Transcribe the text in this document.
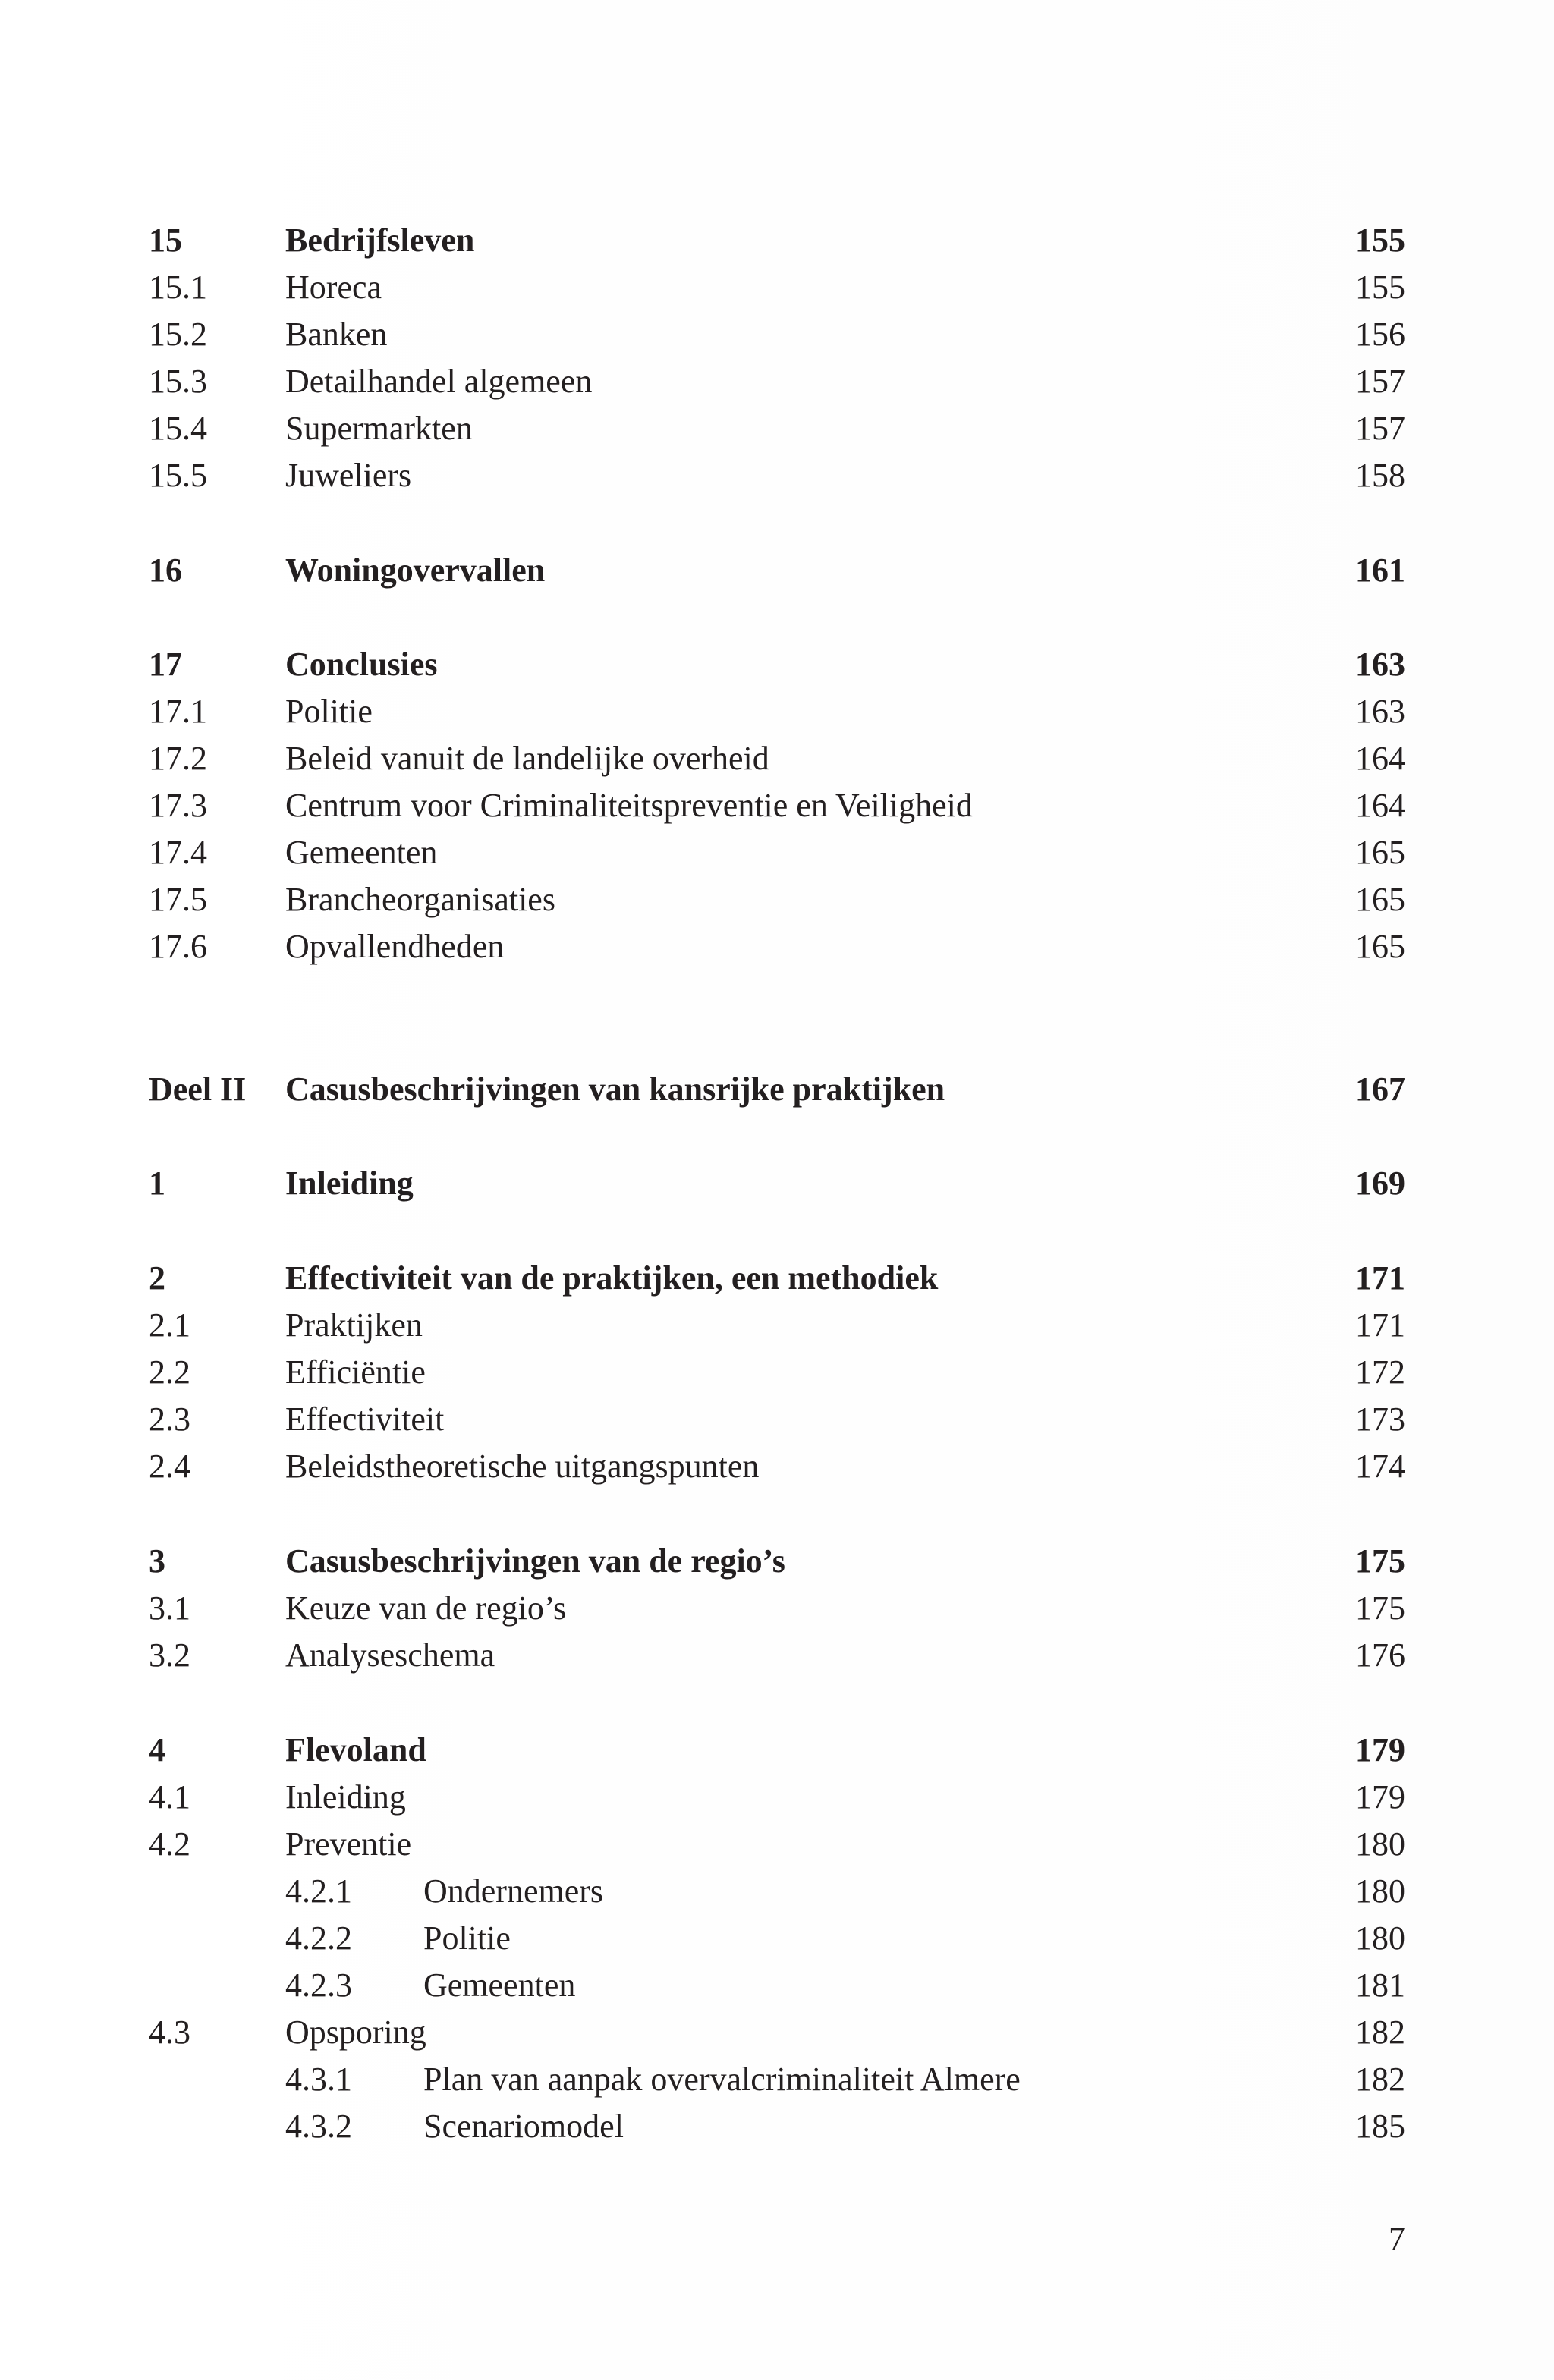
15	Bedrijfsleven	155
15.1 Horeca	155
15.2 Banken	156
15.3 Detailhandel algemeen	157
15.4 Supermarkten	157
15.5 Juweliers	158
16	Woningovervallen	161
17	Conclusies	163
17.1 Politie	163
17.2 Beleid vanuit de landelijke overheid	164
17.3 Centrum voor Criminaliteitspreventie en Veiligheid	164
17.4 Gemeenten	165
17.5 Brancheorganisaties	165
17.6 Opvallendheden	165
Deel II Casusbeschrijvingen van kansrijke praktijken	167
1	Inleiding	169
2	Effectiviteit van de praktijken, een methodiek	171
2.1	Praktijken	171
2.2	Efficiëntie	172
2.3	Effectiviteit	173
2.4	Beleidstheoretische uitgangspunten	174
3	Casusbeschrijvingen van de regio’s	175
3.1	Keuze van de regio’s	175
3.2	Analyseschema	176
4	Flevoland	179
4.1	Inleiding	179
4.2	Preventie	180
4.2.1 Ondernemers	180
4.2.2 Politie	180
4.2.3 Gemeenten	181
4.3	Opsporing	182
4.3.1 Plan van aanpak overvalcriminaliteit Almere	182
4.3.2 Scenariomodel	185
7
